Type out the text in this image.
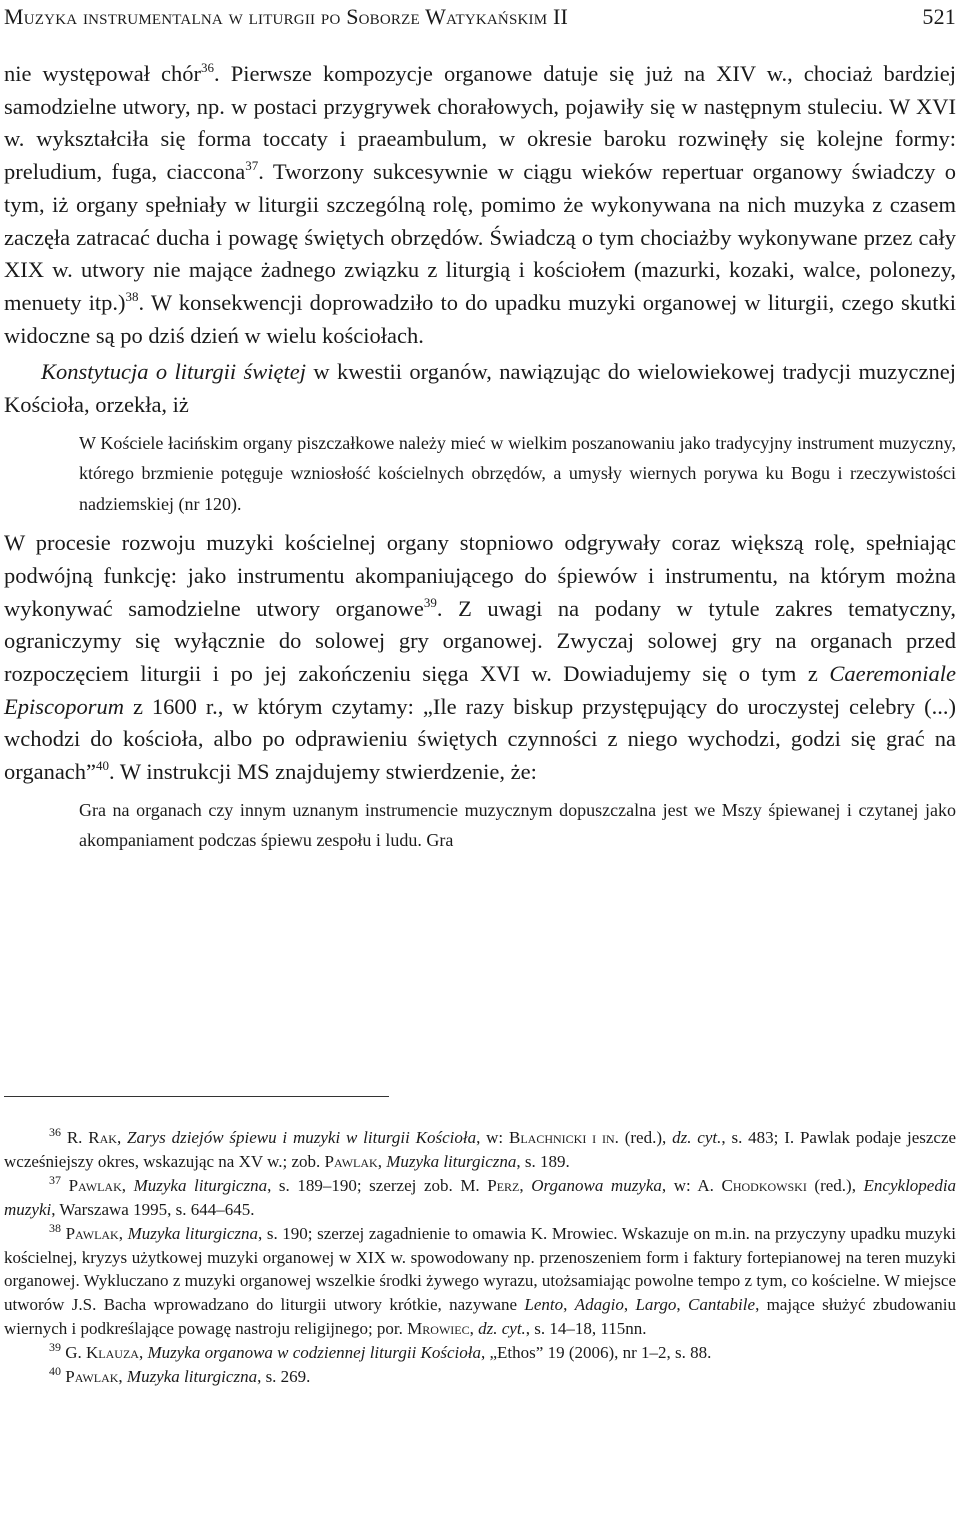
Muzyka instrumentalna w liturgii po Soborze Watykańskim II	521

nie występował chór$^{36}$. Pierwsze kompozycje organowe datuje się już na XIV w., chociaż bardziej samodzielne utwory, np. w postaci przygrywek chorałowych, pojawiły się w następnym stuleciu. W XVI w. wykształciła się forma toccaty i praeambulum, w okresie baroku rozwinęły się kolejne formy: preludium, fuga, ciaccona$^{37}$. Tworzony sukcesywnie w ciągu wieków repertuar organowy świadczy o tym, iż organy spełniały w liturgii szczególną rolę, pomimo że wykonywana na nich muzyka z czasem zaczęła zatracać ducha i powagę świętych obrzędów. Świadczą o tym chociażby wykonywane przez cały XIX w. utwory nie mające żadnego związku z liturgią i kościołem (mazurki, kozaki, walce, polonezy, menuety itp.)$^{38}$. W konsekwencji doprowadziło to do upadku muzyki organowej w liturgii, czego skutki widoczne są po dziś dzień w wielu kościołach.

Konstytucja o liturgii świętej w kwestii organów, nawiązując do wielowiekowej tradycji muzycznej Kościoła, orzekła, iż

W Kościele łacińskim organy piszczałkowe należy mieć w wielkim poszanowaniu jako tradycyjny instrument muzyczny, którego brzmienie potęguje wzniosłość kościelnych obrzędów, a umysły wiernych porywa ku Bogu i rzeczywistości nadziemskiej (nr 120).

W procesie rozwoju muzyki kościelnej organy stopniowo odgrywały coraz większą rolę, spełniając podwójną funkcję: jako instrumentu akompaniującego do śpiewów i instrumentu, na którym można wykonywać samodzielne utwory organowe$^{39}$. Z uwagi na podany w tytule zakres tematyczny, ograniczymy się wyłącznie do solowej gry organowej. Zwyczaj solowej gry na organach przed rozpoczęciem liturgii i po jej zakończeniu sięga XVI w. Dowiadujemy się o tym z Caeremoniale Episcoporum z 1600 r., w którym czytamy: „Ile razy biskup przystępujący do uroczystej celebry (...) wchodzi do kościoła, albo po odprawieniu świętych czynności z niego wychodzi, godzi się grać na organach”$^{40}$. W instrukcji MS znajdujemy stwierdzenie, że:

Gra na organach czy innym uznanym instrumencie muzycznym dopuszczalna jest we Mszy śpiewanej i czytanej jako akompaniament podczas śpiewu zespołu i ludu. Gra

$^{36}$ R. Rak, Zarys dziejów śpiewu i muzyki w liturgii Kościoła, w: Blachnicki i in. (red.), dz. cyt., s. 483; I. Pawlak podaje jeszcze wcześniejszy okres, wskazując na XV w.; zob. Pawlak, Muzyka liturgiczna, s. 189.

$^{37}$ Pawlak, Muzyka liturgiczna, s. 189–190; szerzej zob. M. Perz, Organowa muzyka, w: A. Chodkowski (red.), Encyklopedia muzyki, Warszawa 1995, s. 644–645.

$^{38}$ Pawlak, Muzyka liturgiczna, s. 190; szerzej zagadnienie to omawia K. Mrowiec. Wskazuje on m.in. na przyczyny upadku muzyki kościelnej, kryzys użytkowej muzyki organowej w XIX w. spowodowany np. przenoszeniem form i faktury fortepianowej na teren muzyki organowej. Wykluczano z muzyki organowej wszelkie środki żywego wyrazu, utożsamiając powolne tempo z tym, co kościelne. W miejsce utworów J.S. Bacha wprowadzano do liturgii utwory krótkie, nazywane Lento, Adagio, Largo, Cantabile, mające służyć zbudowaniu wiernych i podkreślające powagę nastroju religijnego; por. Mrowiec, dz. cyt., s. 14–18, 115nn.

$^{39}$ G. Klauza, Muzyka organowa w codziennej liturgii Kościoła, „Ethos” 19 (2006), nr 1–2, s. 88.

$^{40}$ Pawlak, Muzyka liturgiczna, s. 269.
